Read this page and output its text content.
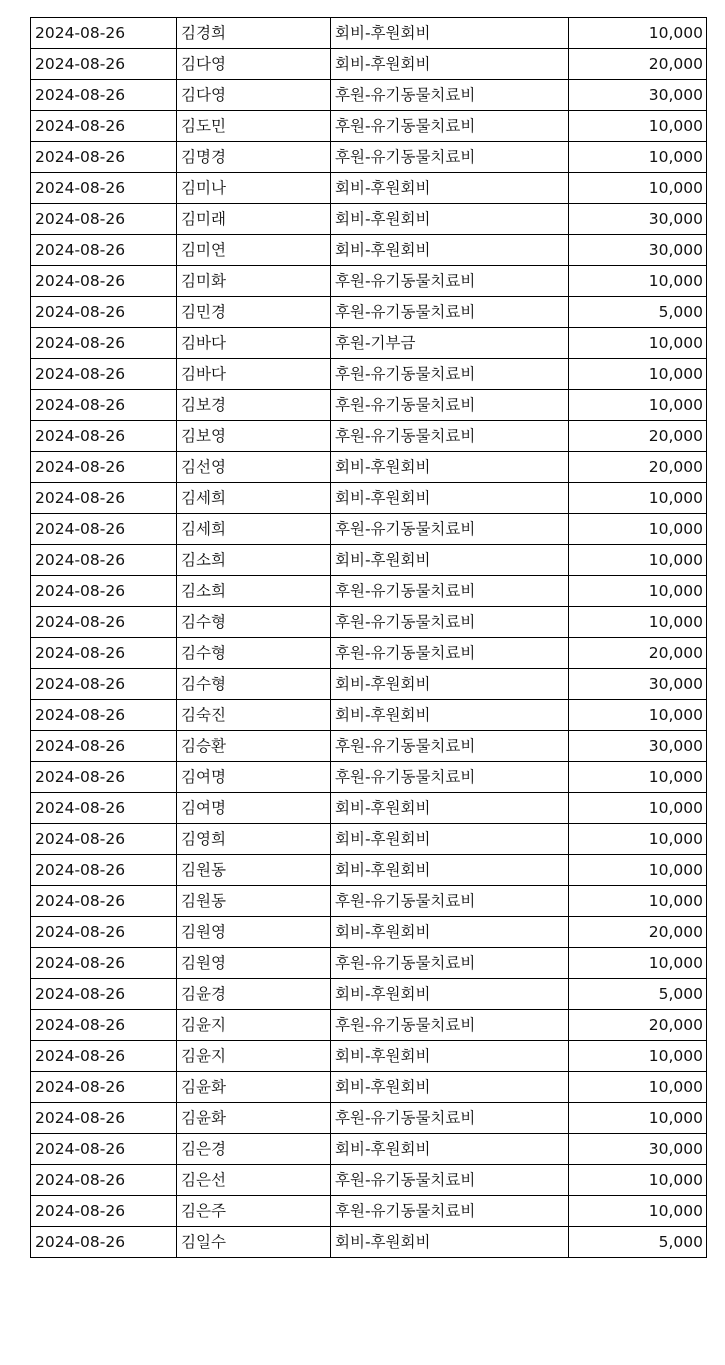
2024-08-26	김경희	회비-후원회비	10,000
2024-08-26	김다영	회비-후원회비	20,000
2024-08-26	김다영	후원-유기동물치료비	30,000
2024-08-26	김도민	후원-유기동물치료비	10,000
2024-08-26	김명경	후원-유기동물치료비	10,000
2024-08-26	김미나	회비-후원회비	10,000
2024-08-26	김미래	회비-후원회비	30,000
2024-08-26	김미연	회비-후원회비	30,000
2024-08-26	김미화	후원-유기동물치료비	10,000
2024-08-26	김민경	후원-유기동물치료비	5,000
2024-08-26	김바다	후원-기부금	10,000
2024-08-26	김바다	후원-유기동물치료비	10,000
2024-08-26	김보경	후원-유기동물치료비	10,000
2024-08-26	김보영	후원-유기동물치료비	20,000
2024-08-26	김선영	회비-후원회비	20,000
2024-08-26	김세희	회비-후원회비	10,000
2024-08-26	김세희	후원-유기동물치료비	10,000
2024-08-26	김소희	회비-후원회비	10,000
2024-08-26	김소희	후원-유기동물치료비	10,000
2024-08-26	김수형	후원-유기동물치료비	10,000
2024-08-26	김수형	후원-유기동물치료비	20,000
2024-08-26	김수형	회비-후원회비	30,000
2024-08-26	김숙진	회비-후원회비	10,000
2024-08-26	김승환	후원-유기동물치료비	30,000
2024-08-26	김여명	후원-유기동물치료비	10,000
2024-08-26	김여명	회비-후원회비	10,000
2024-08-26	김영희	회비-후원회비	10,000
2024-08-26	김원동	회비-후원회비	10,000
2024-08-26	김원동	후원-유기동물치료비	10,000
2024-08-26	김원영	회비-후원회비	20,000
2024-08-26	김원영	후원-유기동물치료비	10,000
2024-08-26	김윤경	회비-후원회비	5,000
2024-08-26	김윤지	후원-유기동물치료비	20,000
2024-08-26	김윤지	회비-후원회비	10,000
2024-08-26	김윤화	회비-후원회비	10,000
2024-08-26	김윤화	후원-유기동물치료비	10,000
2024-08-26	김은경	회비-후원회비	30,000
2024-08-26	김은선	후원-유기동물치료비	10,000
2024-08-26	김은주	후원-유기동물치료비	10,000
2024-08-26	김일수	회비-후원회비	5,000
